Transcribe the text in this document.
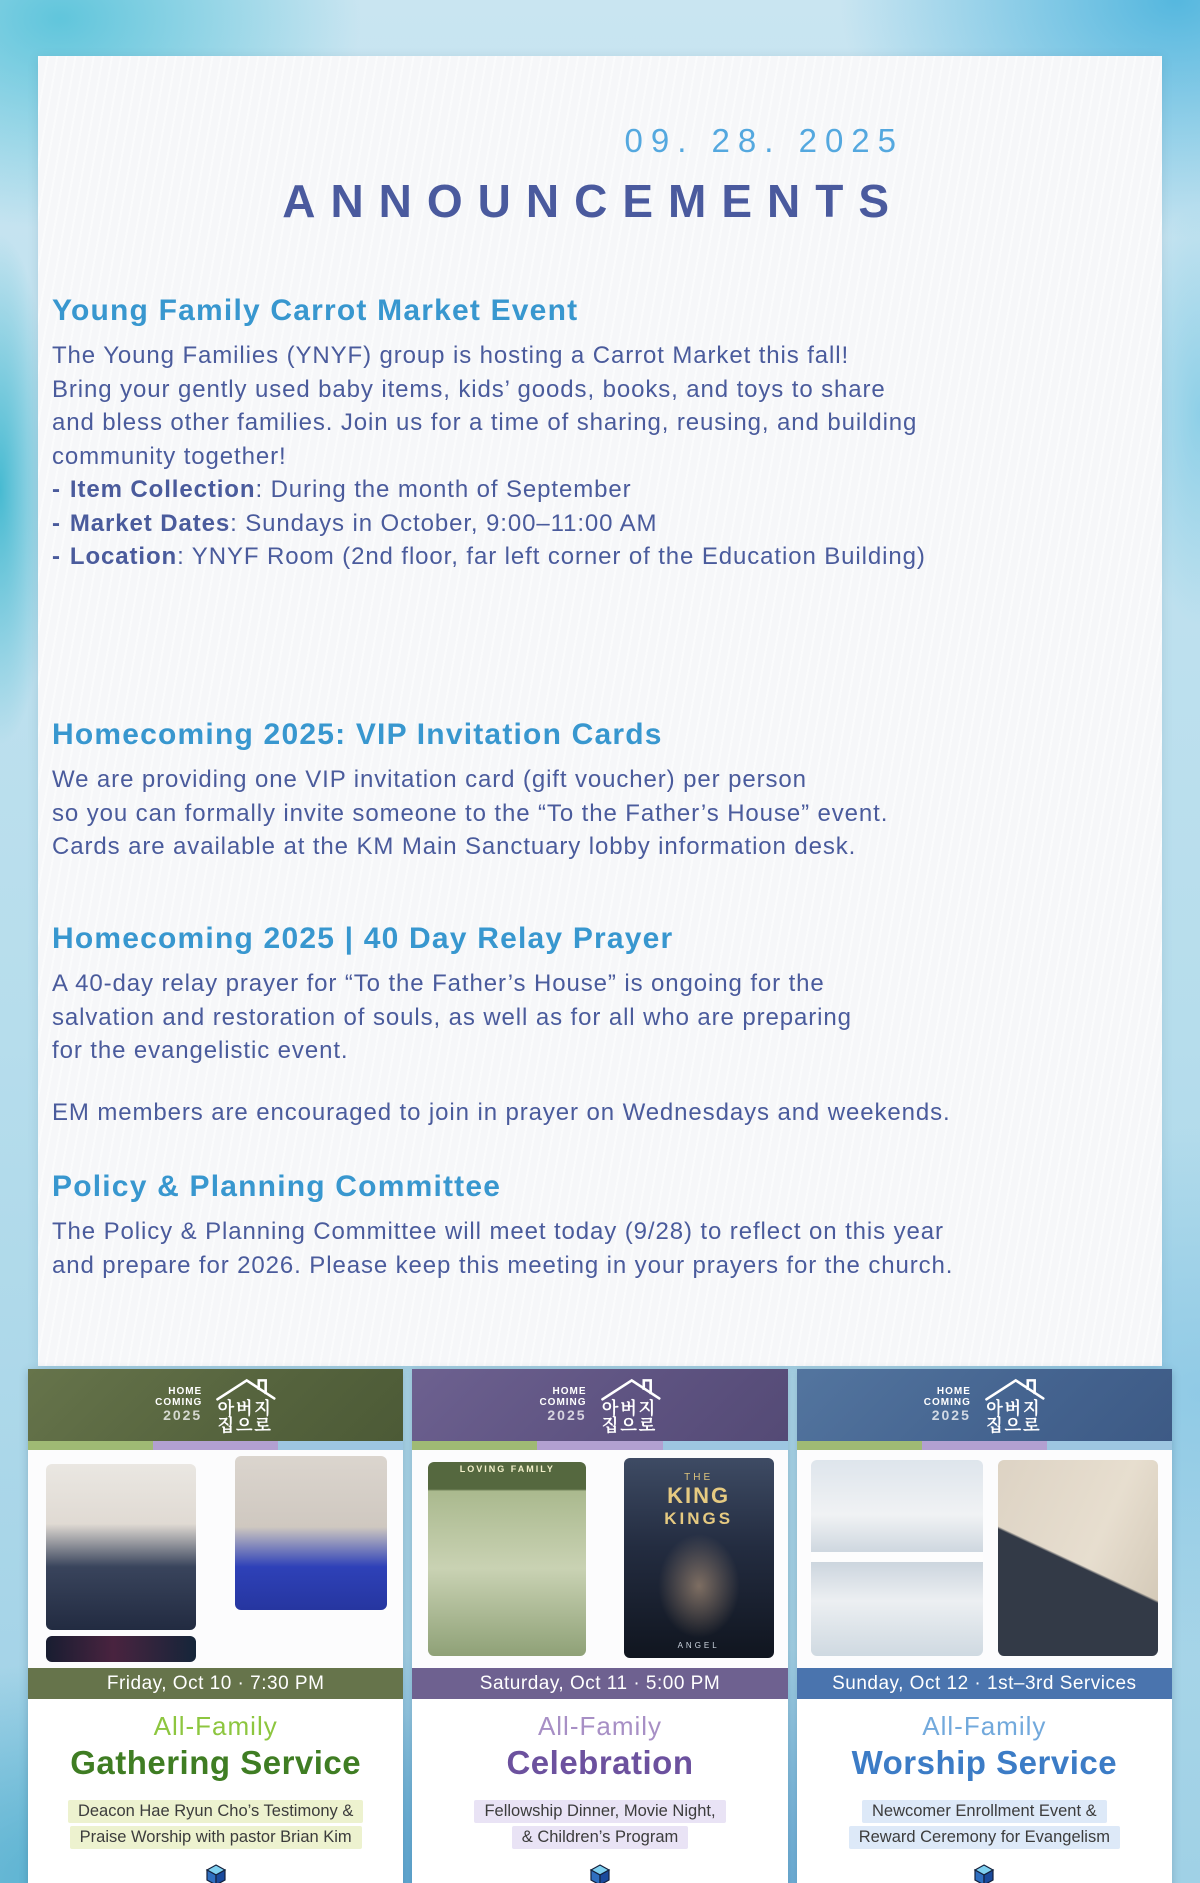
09. 28. 2025
ANNOUNCEMENTS
Young Family Carrot Market Event
The Young Families (YNYF) group is hosting a Carrot Market this fall!
Bring your gently used baby items, kids’ goods, books, and toys to share
and bless other families. Join us for a time of sharing, reusing, and building
community together!
- Item Collection: During the month of September
- Market Dates: Sundays in October, 9:00–11:00 AM
- Location: YNYF Room (2nd floor, far left corner of the Education Building)
Homecoming 2025: VIP Invitation Cards
We are providing one VIP invitation card (gift voucher) per person
so you can formally invite someone to the “To the Father’s House” event.
Cards are available at the KM Main Sanctuary lobby information desk.
Homecoming 2025 | 40 Day Relay Prayer
A 40-day relay prayer for “To the Father’s House” is ongoing for the
salvation and restoration of souls, as well as for all who are preparing
for the evangelistic event.
EM members are encouraged to join in prayer on Wednesdays and weekends.
Policy & Planning Committee
The Policy & Planning Committee will meet today (9/28) to reflect on this year
and prepare for 2026. Please keep this meeting in your prayers for the church.
HOME
COMING
2025 아버지
집으로
Friday, Oct 10 · 7:30 PM
All-Family
Gathering Service
Deacon Hae Ryun Cho’s Testimony &
Praise Worship with pastor Brian Kim
HOME
COMING
2025 아버지
집으로
LOVING FAMILY
THE
KING
KINGS
ANGEL
Saturday, Oct 11 · 5:00 PM
All-Family
Celebration
Fellowship Dinner, Movie Night,
& Children’s Program
HOME
COMING
2025 아버지
집으로
Sunday, Oct 12 · 1st–3rd Services
All-Family
Worship Service
Newcomer Enrollment Event &
Reward Ceremony for Evangelism
